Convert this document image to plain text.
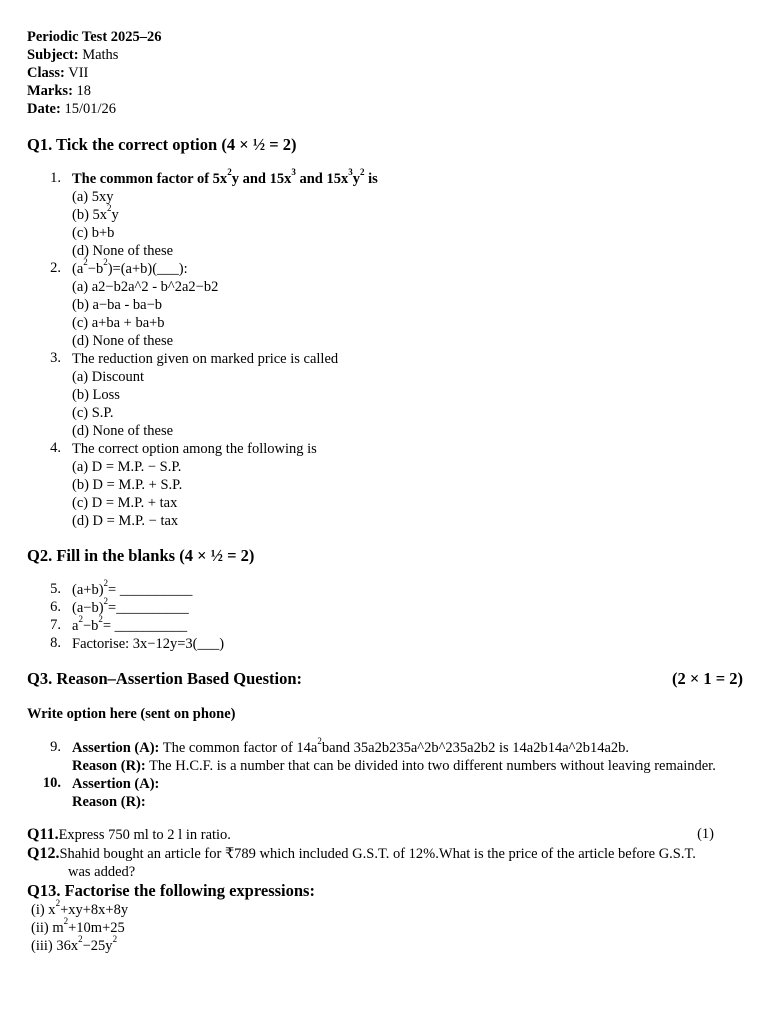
Periodic Test 2025–26
Subject: Maths
Class: VII
Marks: 18
Date: 15/01/26
Q1. Tick the correct option (4 × ½ = 2)
1. The common factor of $5x^2y$ and $15x^3$ and $15x^3y^2$ is
(a) 5xy
(b) $5x^2y$
(c) b+b
(d) None of these
2. $(a^2-b^2)=(a+b)(\_\_\_)$:
(a) a2−b2a^2 - b^2a2−b2
(b) a−ba - ba−b
(c) a+ba + ba+b
(d) None of these
3. The reduction given on marked price is called
(a) Discount
(b) Loss
(c) S.P.
(d) None of these
4. The correct option among the following is
(a) D = M.P. − S.P.
(b) D = M.P. + S.P.
(c) D = M.P. + tax
(d) D = M.P. − tax
Q2. Fill in the blanks (4 × ½ = 2)
5. $(a+b)^2=$ __________
6. $(a-b)^2=\_\_\_\_\_\_\_\_\_\_$
7. $a^2-b^2=$ __________
8. Factorise: 3x−12y=3(___)
Q3. Reason–Assertion Based Question:	(2 × 1 = 2)
Write option here (sent on phone)
9. Assertion (A): The common factor of $14a^2band$ 35a2b235a^2b^235a2b2 is 14a2b14a^2b14a2b.
Reason (R): The H.C.F. is a number that can be divided into two different numbers without leaving remainder.
10. Assertion (A):
Reason (R):
Q11.Express 750 ml to 2 l in ratio.	(1)
Q12.Shahid bought an article for ₹789 which included G.S.T. of 12%.What is the price of the article before G.S.T.
was added?
Q13. Factorise the following expressions:
(i) $x^2+xy+8x+8y$
(ii) $m^2+10m+25$
(iii) $36x^2-25y^2$
